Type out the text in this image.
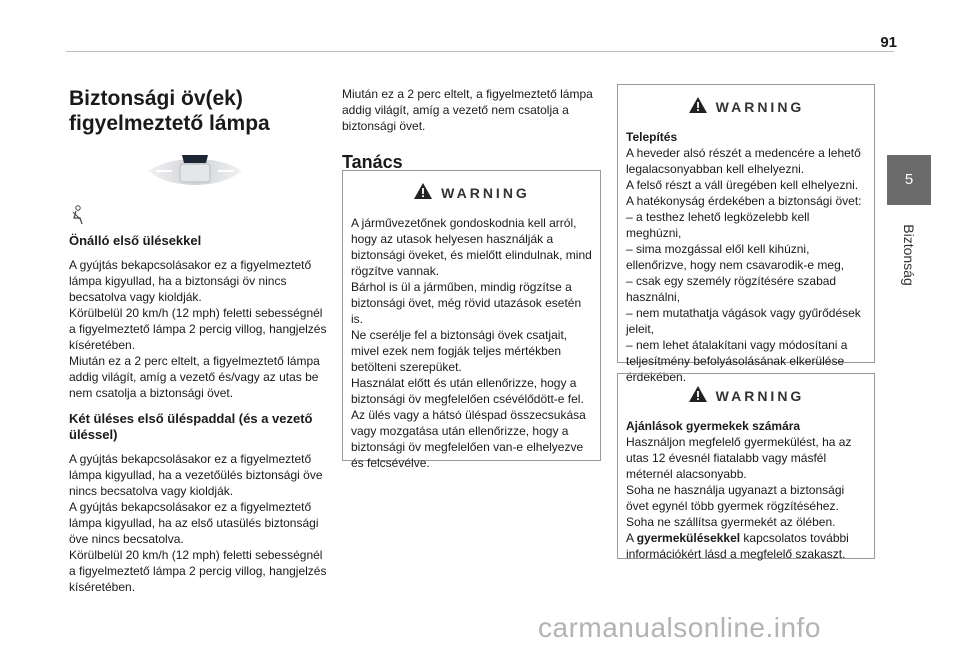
91
5
Biztonság
Biztonsági öv(ek) figyelmeztető lámpa
Önálló első ülésekkel
A gyújtás bekapcsolásakor ez a figyelmeztető lámpa kigyullad, ha a biztonsági öv nincs becsatolva vagy kioldják.
Körülbelül 20 km/h (12 mph) feletti sebességnél a figyelmeztető lámpa 2 percig villog, hangjelzés kíséretében.
Miután ez a 2 perc eltelt, a figyelmeztető lámpa addig világít, amíg a vezető és/vagy az utas be nem csatolja a biztonsági övet.
Két üléses első üléspaddal (és a vezető üléssel)
A gyújtás bekapcsolásakor ez a figyelmeztető lámpa kigyullad, ha a vezetőülés biztonsági öve nincs becsatolva vagy kioldják.
A gyújtás bekapcsolásakor ez a figyelmeztető lámpa kigyullad, ha az első utasülés biztonsági öve nincs becsatolva.
Körülbelül 20 km/h (12 mph) feletti sebességnél a figyelmeztető lámpa 2 percig villog, hangjelzés kíséretében.
Miután ez a 2 perc eltelt, a figyelmeztető lámpa addig világít, amíg a vezető nem csatolja a biztonsági övet.
Tanács
WARNING
A járművezetőnek gondoskodnia kell arról, hogy az utasok helyesen használják a biztonsági öveket, és mielőtt elindulnak, mind rögzítve vannak.
Bárhol is ül a járműben, mindig rögzítse a biztonsági övet, még rövid utazások esetén is.
Ne cserélje fel a biztonsági övek csatjait, mivel ezek nem fogják teljes mértékben betölteni szerepüket.
Használat előtt és után ellenőrizze, hogy a biztonsági öv megfelelően csévélődött-e fel.
Az ülés vagy a hátsó üléspad összecsukása vagy mozgatása után ellenőrizze, hogy a biztonsági öv megfelelően van-e elhelyezve és felcsévélve.
WARNING
Telepítés
A heveder alsó részét a medencére a lehető legalacsonyabban kell elhelyezni.
A felső részt a váll üregében kell elhelyezni.
A hatékonyság érdekében a biztonsági övet:
– a testhez lehető legközelebb kell meghúzni,
– sima mozgással elől kell kihúzni, ellenőrizve, hogy nem csavarodik-e meg,
– csak egy személy rögzítésére szabad használni,
– nem mutathatja vágások vagy gyűrődések jeleit,
– nem lehet átalakítani vagy módosítani a teljesítmény befolyásolásának elkerülése érdekében.
WARNING
Ajánlások gyermekek számára
Használjon megfelelő gyermekülést, ha az utas 12 évesnél fiatalabb vagy másfél méternél alacsonyabb.
Soha ne használja ugyanazt a biztonsági övet egynél több gyermek rögzítéséhez.
Soha ne szállítsa gyermekét az ölében.
A gyermekülésekkel kapcsolatos további információkért lásd a megfelelő szakaszt.
carmanualsonline.info
